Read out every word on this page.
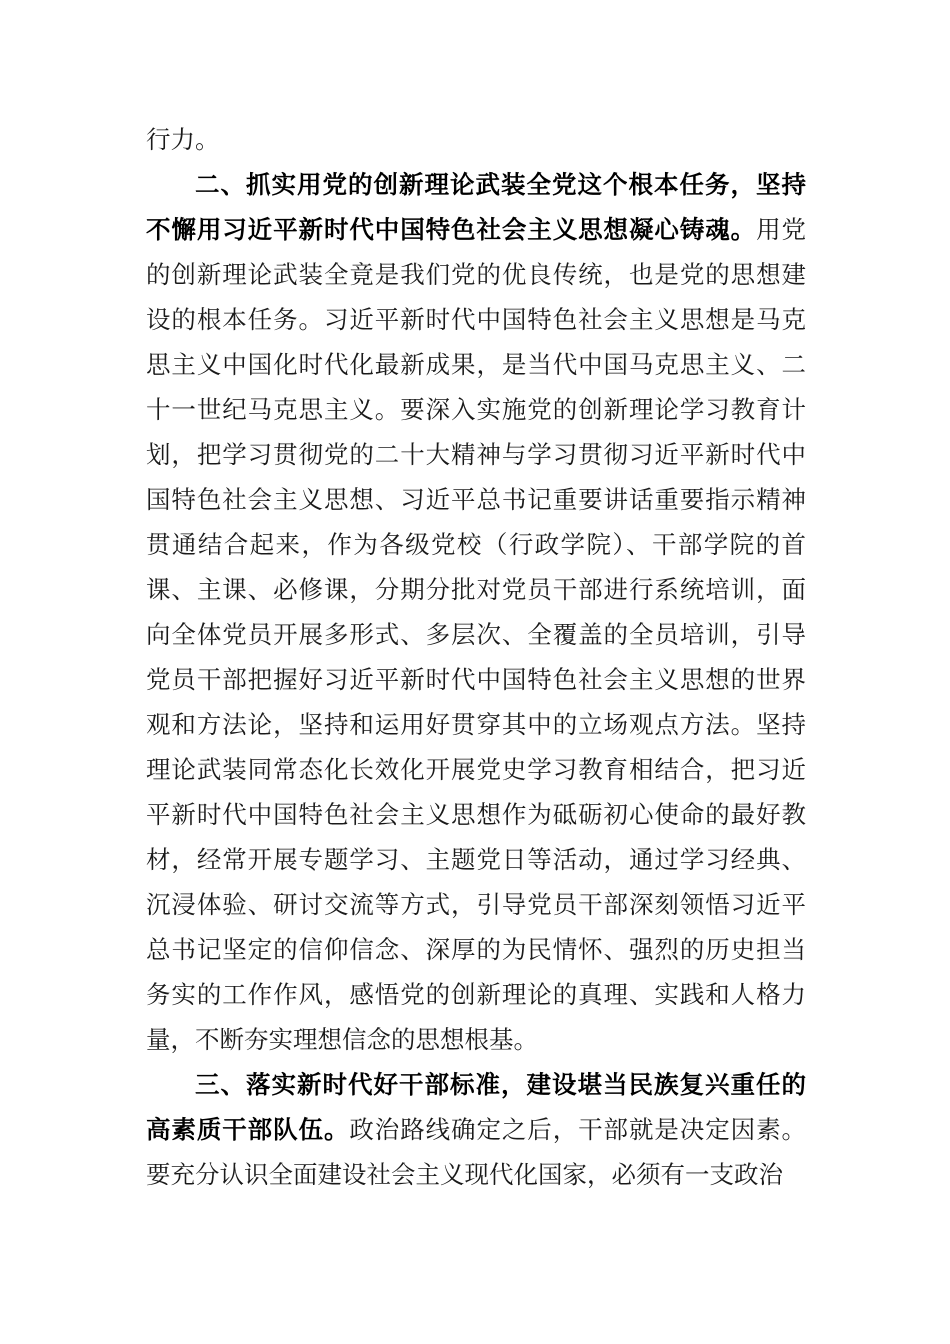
行力。

二、抓实用党的创新理论武装全党这个根本任务，坚持不懈用习近平新时代中国特色社会主义思想凝心铸魂。用党的创新理论武装全竟是我们党的优良传统，也是党的思想建设的根本任务。习近平新时代中国特色社会主义思想是马克思主义中国化时代化最新成果，是当代中国马克思主义、二十一世纪马克思主义。要深入实施党的创新理论学习教育计划，把学习贯彻党的二十大精神与学习贯彻习近平新时代中国特色社会主义思想、习近平总书记重要讲话重要指示精神贯通结合起来，作为各级党校（行政学院）、干部学院的首课、主课、必修课，分期分批对党员干部进行系统培训，面向全体党员开展多形式、多层次、全覆盖的全员培训，引导党员干部把握好习近平新时代中国特色社会主义思想的世界观和方法论，坚持和运用好贯穿其中的立场观点方法。坚持理论武装同常态化长效化开展党史学习教育相结合，把习近平新时代中国特色社会主义思想作为砥砺初心使命的最好教材，经常开展专题学习、主题党日等活动，通过学习经典、沉浸体验、研讨交流等方式，引导党员干部深刻领悟习近平总书记坚定的信仰信念、深厚的为民情怀、强烈的历史担当务实的工作作风，感悟党的创新理论的真理、实践和人格力量，不断夯实理想信念的思想根基。

三、落实新时代好干部标准，建设堪当民族复兴重任的高素质干部队伍。政治路线确定之后，干部就是决定因素。要充分认识全面建设社会主义现代化国家，必须有一支政治
